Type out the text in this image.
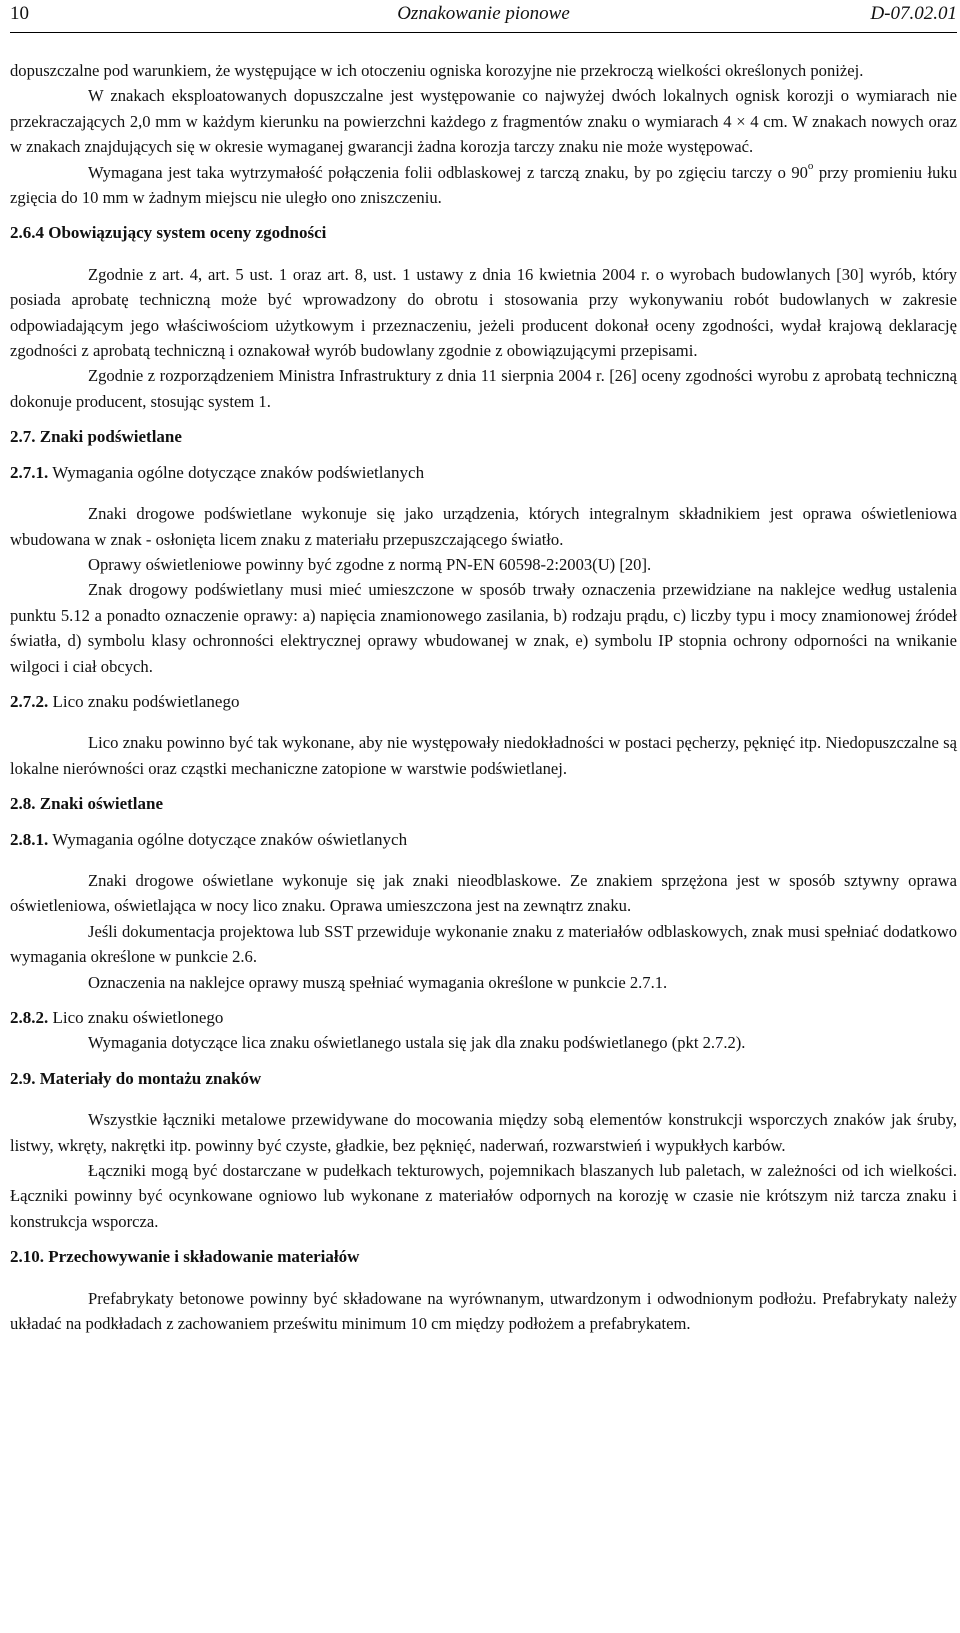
10	Oznakowanie pionowe	D-07.02.01

dopuszczalne pod warunkiem, że występujące w ich otoczeniu ogniska korozyjne nie przekroczą wielkości określonych poniżej.

W znakach eksploatowanych dopuszczalne jest występowanie co najwyżej dwóch lokalnych ognisk korozji o wymiarach nie przekraczających 2,0 mm w każdym kierunku na powierzchni każdego z fragmentów znaku o wymiarach 4 × 4 cm. W znakach nowych oraz w znakach znajdujących się w okresie wymaganej gwarancji żadna korozja tarczy znaku nie może występować.

Wymagana jest taka wytrzymałość połączenia folii odblaskowej z tarczą znaku, by po zgięciu tarczy o 90$^o$ przy promieniu łuku zgięcia do 10 mm w żadnym miejscu nie uległo ono zniszczeniu.

2.6.4 Obowiązujący system oceny zgodności

Zgodnie z art. 4, art. 5 ust. 1 oraz art. 8, ust. 1 ustawy z dnia 16 kwietnia 2004 r. o wyrobach budowlanych [30] wyrób, który posiada aprobatę techniczną może być wprowadzony do obrotu i stosowania przy wykonywaniu robót budowlanych w zakresie odpowiadającym jego właściwościom użytkowym i przeznaczeniu, jeżeli producent dokonał oceny zgodności, wydał krajową deklarację zgodności z aprobatą techniczną i oznakował wyrób budowlany zgodnie z obowiązującymi przepisami.

Zgodnie z rozporządzeniem Ministra Infrastruktury z dnia 11 sierpnia 2004 r. [26] oceny zgodności wyrobu z aprobatą techniczną dokonuje producent, stosując system 1.

2.7. Znaki podświetlane
2.7.1. Wymagania ogólne dotyczące znaków podświetlanych

Znaki drogowe podświetlane wykonuje się jako urządzenia, których integralnym składnikiem jest oprawa oświetleniowa wbudowana w znak - osłonięta licem znaku z materiału przepuszczającego światło.

Oprawy oświetleniowe powinny być zgodne z normą PN-EN 60598-2:2003(U) [20].

Znak drogowy podświetlany musi mieć umieszczone w sposób trwały oznaczenia przewidziane na naklejce według ustalenia punktu 5.12 a ponadto oznaczenie oprawy: a) napięcia znamionowego zasilania, b) rodzaju prądu, c) liczby typu i mocy znamionowej źródeł światła, d) symbolu klasy ochronności elektrycznej oprawy wbudowanej w znak, e) symbolu IP stopnia ochrony odporności na wnikanie wilgoci i ciał obcych.

2.7.2. Lico znaku podświetlanego

Lico znaku powinno być tak wykonane, aby nie występowały niedokładności w postaci pęcherzy, pęknięć itp. Niedopuszczalne są lokalne nierówności oraz cząstki mechaniczne zatopione w warstwie podświetlanej.

2.8. Znaki oświetlane
2.8.1. Wymagania ogólne dotyczące znaków oświetlanych

Znaki drogowe oświetlane wykonuje się jak znaki nieodblaskowe. Ze znakiem sprzężona jest w sposób sztywny oprawa oświetleniowa, oświetlająca w nocy lico znaku. Oprawa umieszczona jest na zewnątrz znaku.

Jeśli dokumentacja projektowa lub SST przewiduje wykonanie znaku z materiałów odblaskowych, znak musi spełniać dodatkowo wymagania określone w punkcie 2.6.

Oznaczenia na naklejce oprawy muszą spełniać wymagania określone w punkcie 2.7.1.

2.8.2. Lico znaku oświetlonego

Wymagania dotyczące lica znaku oświetlanego ustala się jak dla znaku podświetlanego (pkt 2.7.2).

2.9. Materiały do montażu znaków

Wszystkie łączniki metalowe przewidywane do mocowania między sobą elementów konstrukcji wsporczych znaków jak śruby, listwy, wkręty, nakrętki itp. powinny być czyste, gładkie, bez pęknięć, naderwań, rozwarstwień i wypukłych karbów.

Łączniki mogą być dostarczane w pudełkach tekturowych, pojemnikach blaszanych lub paletach, w zależności od ich wielkości. Łączniki powinny być ocynkowane ogniowo lub wykonane z materiałów odpornych na korozję w czasie nie krótszym niż tarcza znaku i konstrukcja wsporcza.

2.10. Przechowywanie i składowanie materiałów

Prefabrykaty betonowe powinny być składowane na wyrównanym, utwardzonym i odwodnionym podłożu. Prefabrykaty należy układać na podkładach z zachowaniem prześwitu minimum 10 cm między podłożem a prefabrykatem.
